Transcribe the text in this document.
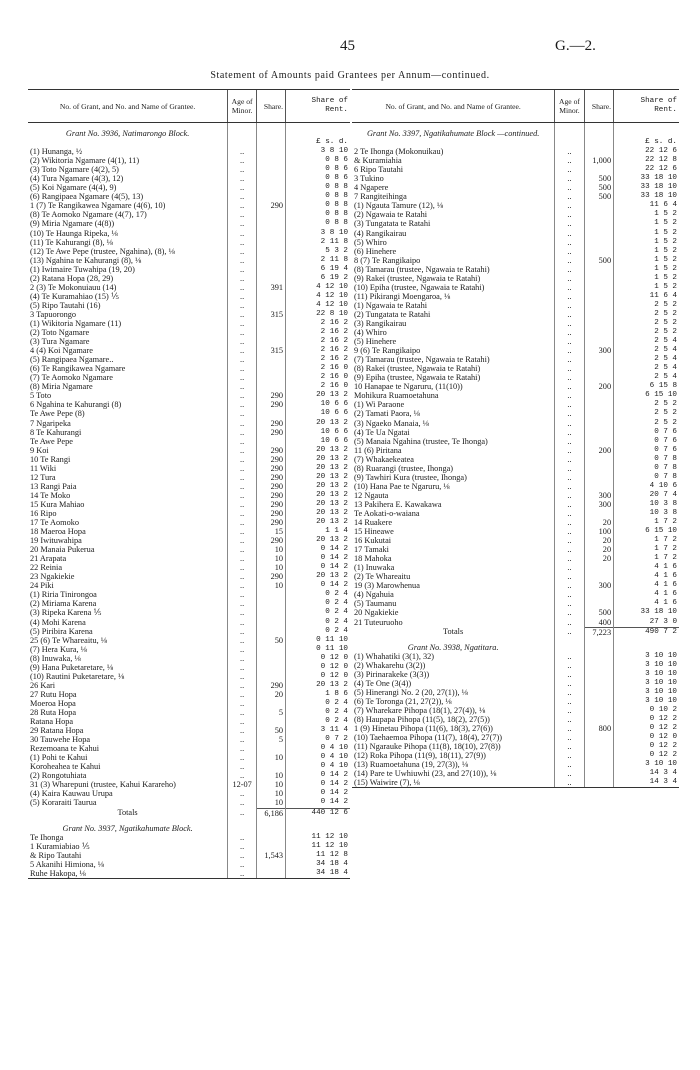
45	G.—2.
Statement of Amounts paid Grantees per Annum—continued.
No. of Grant, and No. and Name of Grantee.	Age of Minor.	Share.	Share of Rent.
Grant No. 3936, Natimarongo Block.			
			£ s. d.
(1) Hunanga, ½	..		3 8 10
(2) Wikitoria Ngamare (4(1), 11)	..		0 8 6
(3) Toto Ngamare (4(2), 5)	..		0 8 6
(4) Tura Ngamare (4(3), 12)	..		0 8 6
(5) Koi Ngamare (4(4), 9)	..		0 8 8
(6) Rangipaea Ngamare (4(5), 13)	..		0 8 8
1 (7) Te Rangikawea Ngamare (4(6), 10)	..	290	0 8 8
(8) Te Aomoko Ngamare (4(7), 17)	..		0 8 8
(9) Miria Ngamare (4(8))	..		0 8 8
(10) Te Haunga Ripeka, ⅛	..		3 8 10
(11) Te Kahurangi (8), ⅛	..		2 11 8
(12) Te Awe Pepe (trustee, Ngahina), (8), ⅛	..		5 3 2
(13) Ngahina te Kahurangi (8), ⅛	..		2 11 8
(1) Iwimaire Tuwahipa (19, 20)	..		6 19 4
(2) Ratana Hopa (28, 29)	..		6 19 2
2 (3) Te Mokonuiauu (14)	..	391	4 12 10
(4) Te Kuramahiao (15) ⅕	..		4 12 10
(5) Ripo Tautahi (16)	..		4 12 10
3 Tapuorongo	..	315	22 8 10
(1) Wikitoria Ngamare (11)	..		2 16 2
(2) Toto Ngamare	..		2 16 2
(3) Tura Ngamare	..		2 16 2
4 (4) Koi Ngamare	..	315	2 16 2
(5) Rangipaea Ngamare..	..		2 16 2
(6) Te Rangikawea Ngamare	..		2 16 0
(7) Te Aomoko Ngamare	..		2 16 0
(8) Miria Ngamare	..		2 16 0
5 Toto	..	290	20 13 2
6 Ngahina te Kahurangi (8)	..	290	10 6 6
Te Awe Pepe (8)	..		10 6 6
7 Ngaripeka	..	290	20 13 2
8 Te Kahurangi	..	290	10 6 6
Te Awe Pepe	..		10 6 6
9 Koi	..	290	20 13 2
10 Te Rangi	..	290	20 13 2
11 Wiki	..	290	20 13 2
12 Tura	..	290	20 13 2
13 Rangi Paia	..	290	20 13 2
14 Te Moko	..	290	20 13 2
15 Kura Mahiao	..	290	20 13 2
16 Ripo	..	290	20 13 2
17 Te Aomoko	..	290	20 13 2
18 Maeroa Hopa	..	15	1 1 4
19 Iwituwahipa	..	290	20 13 2
20 Manaia Pukerua	..	10	0 14 2
21 Arapata	..	10	0 14 2
22 Reinia	..	10	0 14 2
23 Ngakiekie	..	290	20 13 2
24 Piki	..	10	0 14 2
(1) Riria Tinirongoa	..		0 2 4
(2) Miriama Karena	..		0 2 4
(3) Ripeka Karena ⅕	..		0 2 4
(4) Mohi Karena	..		0 2 4
(5) Piribira Karena	..		0 2 4
25 (6) Te Whareaitu, ⅛	..	50	0 11 10
(7) Hera Kura, ⅛	..		0 11 10
(8) Inuwaka, ⅛	..		0 12 0
(9) Hana Puketaretare, ⅛	..		0 12 0
(10) Rautini Puketaretare, ⅛	..		0 12 0
26 Kari	..	290	20 13 2
27 Rutu Hopa	..	20	1 8 6
Moeroa Hopa	..		0 2 4
28 Ruta Hopa	..	5	0 2 4
Ratana Hopa	..		0 2 4
29 Ratana Hopa	..	50	3 11 4
30 Tauwehe Hopa	..	5	0 7 2
Rezemoana te Kahui	..		0 4 10
(1) Pohi te Kahui	..	10	0 4 10
Koroheahea te Kahui	..		0 4 10
(2) Rongotuhiata	..	10	0 14 2
31 (3) Wharepuni (trustee, Kahui Karareho)	12-07	10	0 14 2
(4) Kaira Kauwau Urupa	..	10	0 14 2
(5) Koraraiti Taurua	..	10	0 14 2
Totals	..	6,186	440 12 6
Grant No. 3937, Ngatikahumate Block.			
Te Ihonga	..		11 12 10
1 Kuramiabiao ⅕	..		11 12 10
& Ripo Tautahi	..	1,543	11 12 8
5 Akanihi Himiona, ⅛	..		34 18 4
Ruhe Hakopa, ⅛	..		34 18 4
No. of Grant, and No. and Name of Grantee.	Age of Minor.	Share.	Share of Rent.
Grant No. 3397, Ngatikahumate Block —continued.			
			£ s. d.
2 Te Ihonga (Mokonuikau)	..		22 12 6
& Kuramiahia	..	1,000	22 12 8
6 Ripo Tautahi	..		22 12 6
3 Tukino	..	500	33 18 10
4 Ngapere	..	500	33 18 10
7 Rangiteihinga	..	500	33 18 10
(1) Ngauta Tamure (12), ⅛	..		11 6 4
(2) Ngawaia te Ratahi	..		1 5 2
(3) Tungatata te Ratahi	..		1 5 2
(4) Rangikairau	..		1 5 2
(5) Whiro	..		1 5 2
(6) Hinehere	..		1 5 2
8 (7) Te Rangikaipo	..	500	1 5 2
(8) Tamarau (trustee, Ngawaia te Ratahi)	..		1 5 2
(9) Rakei (trustee, Ngawaia te Ratahi)	..		1 5 2
(10) Epiha (trustee, Ngawaia te Ratahi)	..		1 5 2
(11) Pikirangi Moengaroa, ⅛	..		11 6 4
(1) Ngawaia te Ratahi	..		2 5 2
(2) Tungatata te Ratahi	..		2 5 2
(3) Rangikairau	..		2 5 2
(4) Whiro	..		2 5 2
(5) Hinehere	..		2 5 4
9 (6) Te Rangikaipo	..	300	2 5 4
(7) Tamarau (trustee, Ngawaia te Ratahi)	..		2 5 4
(8) Rakei (trustee, Ngawaia te Ratahi)	..		2 5 4
(9) Epiha (trustee, Ngawaia te Ratahi)	..		2 5 4
10 Hanapae te Ngaruru, (11(10))	..	200	6 15 8
Mohikura Ruamoetahuna	..		6 15 10
(1) Wi Paraone	..		2 5 2
(2) Tamati Paora, ⅛	..		2 5 2
(3) Ngaeko Manaia, ⅛	..		2 5 2
(4) Te Ua Ngatai	..		0 7 6
(5) Manaia Ngahina (trustee, Te Ihonga)	..		0 7 6
11 (6) Piritana	..	200	0 7 6
(7) Whakaekeatea	..		0 7 8
(8) Ruarangi (trustee, Ihonga)	..		0 7 8
(9) Tawhiri Kura (trustee, Ihonga)	..		0 7 8
(10) Hana Pae te Ngaruru, ⅛	..		4 10 6
12 Ngauta	..	300	20 7 4
13 Pakihera E. Kawakawa	..	300	10 3 8
Te Aokati-o-waiana	..		10 3 8
14 Ruakere	..	20	1 7 2
15 Hineawe	..	100	6 15 10
16 Kukutai	..	20	1 7 2
17 Tamaki	..	20	1 7 2
18 Mahoka	..	20	1 7 2
(1) Inuwaka	..		4 1 6
(2) Te Whareaitu	..		4 1 6
19 (3) Marowhenua	..	300	4 1 6
(4) Ngahuia	..		4 1 6
(5) Taumanu	..		4 1 6
20 Ngakiekie	..	500	33 18 10
21 Tuteuruoho	..	400	27 3 0
Totals	..	7,223	490 7 2
Grant No. 3938, Ngatitara.			
(1) Whahatiki (3(1), 32)	..		3 10 10
(2) Whakarehu (3(2))	..		3 10 10
(3) Pirinarakeke (3(3))	..		3 10 10
(4) Te One (3(4))	..		3 10 10
(5) Hinerangi No. 2 (20, 27(1)), ⅛	..		3 10 10
(6) Te Toronga (21, 27(2)), ⅛	..		3 10 10
(7) Wharekare Pihopa (18(1), 27(4)), ⅛	..		0 10 2
(8) Haupapa Pihopa (11(5), 18(2), 27(5))	..		0 12 2
1 (9) Hinetau Pihopa (11(6), 18(3), 27(6))	..	800	0 12 2
(10) Taehaemoa Pihopa (11(7), 18(4), 27(7))	..		0 12 0
(11) Ngarauke Pihopa (11(8), 18(10), 27(8))	..		0 12 2
(12) Roka Pihopa (11(9), 18(11), 27(9))	..		0 12 2
(13) Ruamoetahuna (19, 27(3)), ⅛	..		3 10 10
(14) Pare te Uwhiuwhi (23, and 27(10)), ⅛	..		14 3 4
(15) Waiwire (7), ⅛	..		14 3 4
